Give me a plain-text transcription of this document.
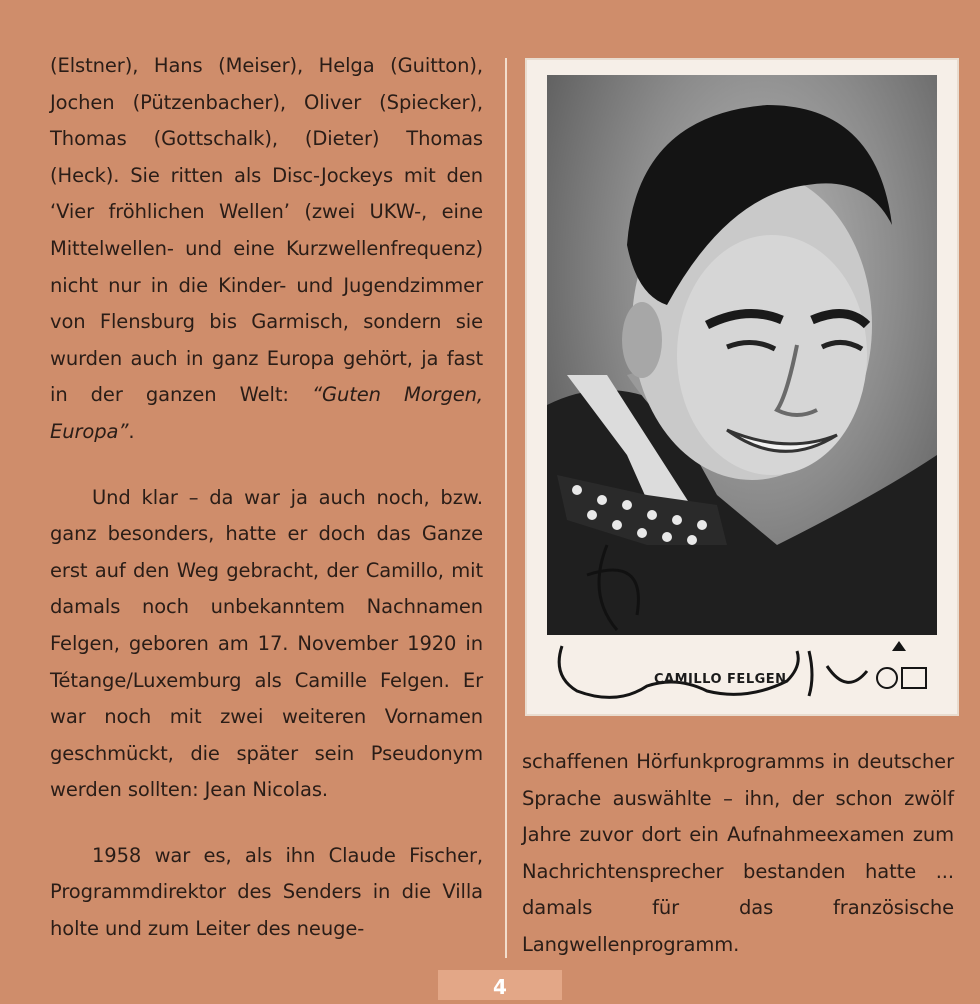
(Elstner), Hans (Meiser), Helga (Guitton), Jochen (Pützenbacher), Oliver (Spiecker), Thomas (Gottschalk), (Dieter) Thomas (Heck). Sie ritten als Disc-Jockeys mit den ‘Vier fröhlichen Wellen’ (zwei UKW-, eine Mittelwellen- und eine Kurzwellenfrequenz) nicht nur in die Kinder- und Jugendzimmer von Flensburg bis Garmisch, sondern sie wurden auch in ganz Europa gehört, ja fast in der ganzen Welt: “Guten Morgen, Europa”.

Und klar – da war ja auch noch, bzw. ganz besonders, hatte er doch das Ganze erst auf den Weg gebracht, der Camillo, mit damals noch unbekanntem Nachnamen Felgen, geboren am 17. November 1920 in Tétange/Luxemburg als Camille Felgen. Er war noch mit zwei weiteren Vornamen geschmückt, die später sein Pseudonym werden sollten: Jean Nicolas.

1958 war es, als ihn Claude Fischer, Programmdirektor des Senders in die Villa holte und zum Leiter des neuge-

CAMILLO FELGEN

schaffenen Hörfunkprogramms in deutscher Sprache auswählte – ihn, der schon zwölf Jahre zuvor dort ein Aufnahmeexamen zum Nachrichtensprecher bestanden hatte ... damals für das französische Langwellenprogramm.

4
